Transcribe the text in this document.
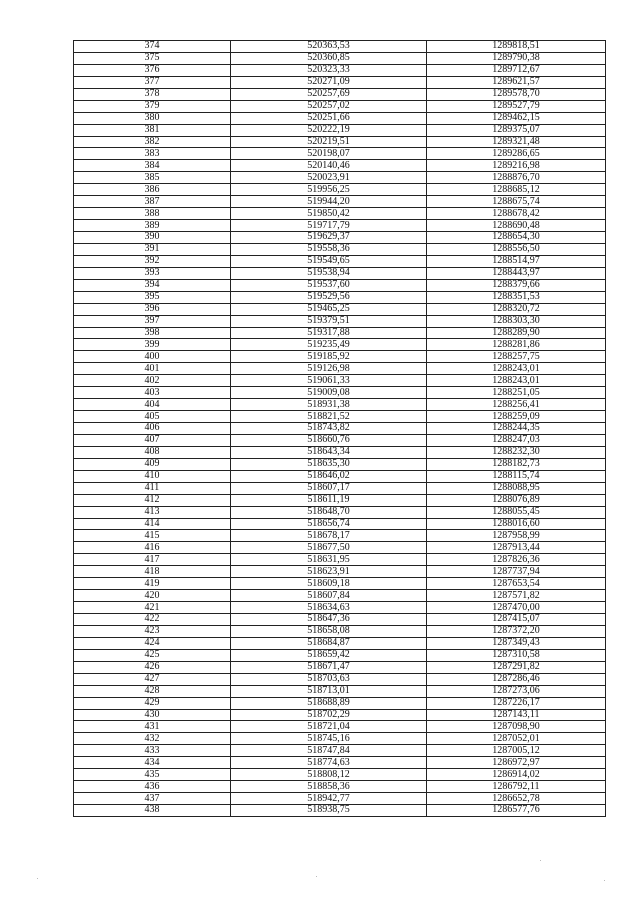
374	520363,53	1289818,51
375	520360,85	1289790,38
376	520323,33	1289712,67
377	520271,09	1289621,57
378	520257,69	1289578,70
379	520257,02	1289527,79
380	520251,66	1289462,15
381	520222,19	1289375,07
382	520219,51	1289321,48
383	520198,07	1289286,65
384	520140,46	1289216,98
385	520023,91	1288876,70
386	519956,25	1288685,12
387	519944,20	1288675,74
388	519850,42	1288678,42
389	519717,79	1288690,48
390	519629,37	1288654,30
391	519558,36	1288556,50
392	519549,65	1288514,97
393	519538,94	1288443,97
394	519537,60	1288379,66
395	519529,56	1288351,53
396	519465,25	1288320,72
397	519379,51	1288303,30
398	519317,88	1288289,90
399	519235,49	1288281,86
400	519185,92	1288257,75
401	519126,98	1288243,01
402	519061,33	1288243,01
403	519009,08	1288251,05
404	518931,38	1288256,41
405	518821,52	1288259,09
406	518743,82	1288244,35
407	518660,76	1288247,03
408	518643,34	1288232,30
409	518635,30	1288182,73
410	518646,02	1288115,74
411	518607,17	1288088,95
412	518611,19	1288076,89
413	518648,70	1288055,45
414	518656,74	1288016,60
415	518678,17	1287958,99
416	518677,50	1287913,44
417	518631,95	1287826,36
418	518623,91	1287737,94
419	518609,18	1287653,54
420	518607,84	1287571,82
421	518634,63	1287470,00
422	518647,36	1287415,07
423	518658,08	1287372,20
424	518684,87	1287349,43
425	518659,42	1287310,58
426	518671,47	1287291,82
427	518703,63	1287286,46
428	518713,01	1287273,06
429	518688,89	1287226,17
430	518702,29	1287143,11
431	518721,04	1287098,90
432	518745,16	1287052,01
433	518747,84	1287005,12
434	518774,63	1286972,97
435	518808,12	1286914,02
436	518858,36	1286792,11
437	518942,77	1286652,78
438	518938,75	1286577,76
